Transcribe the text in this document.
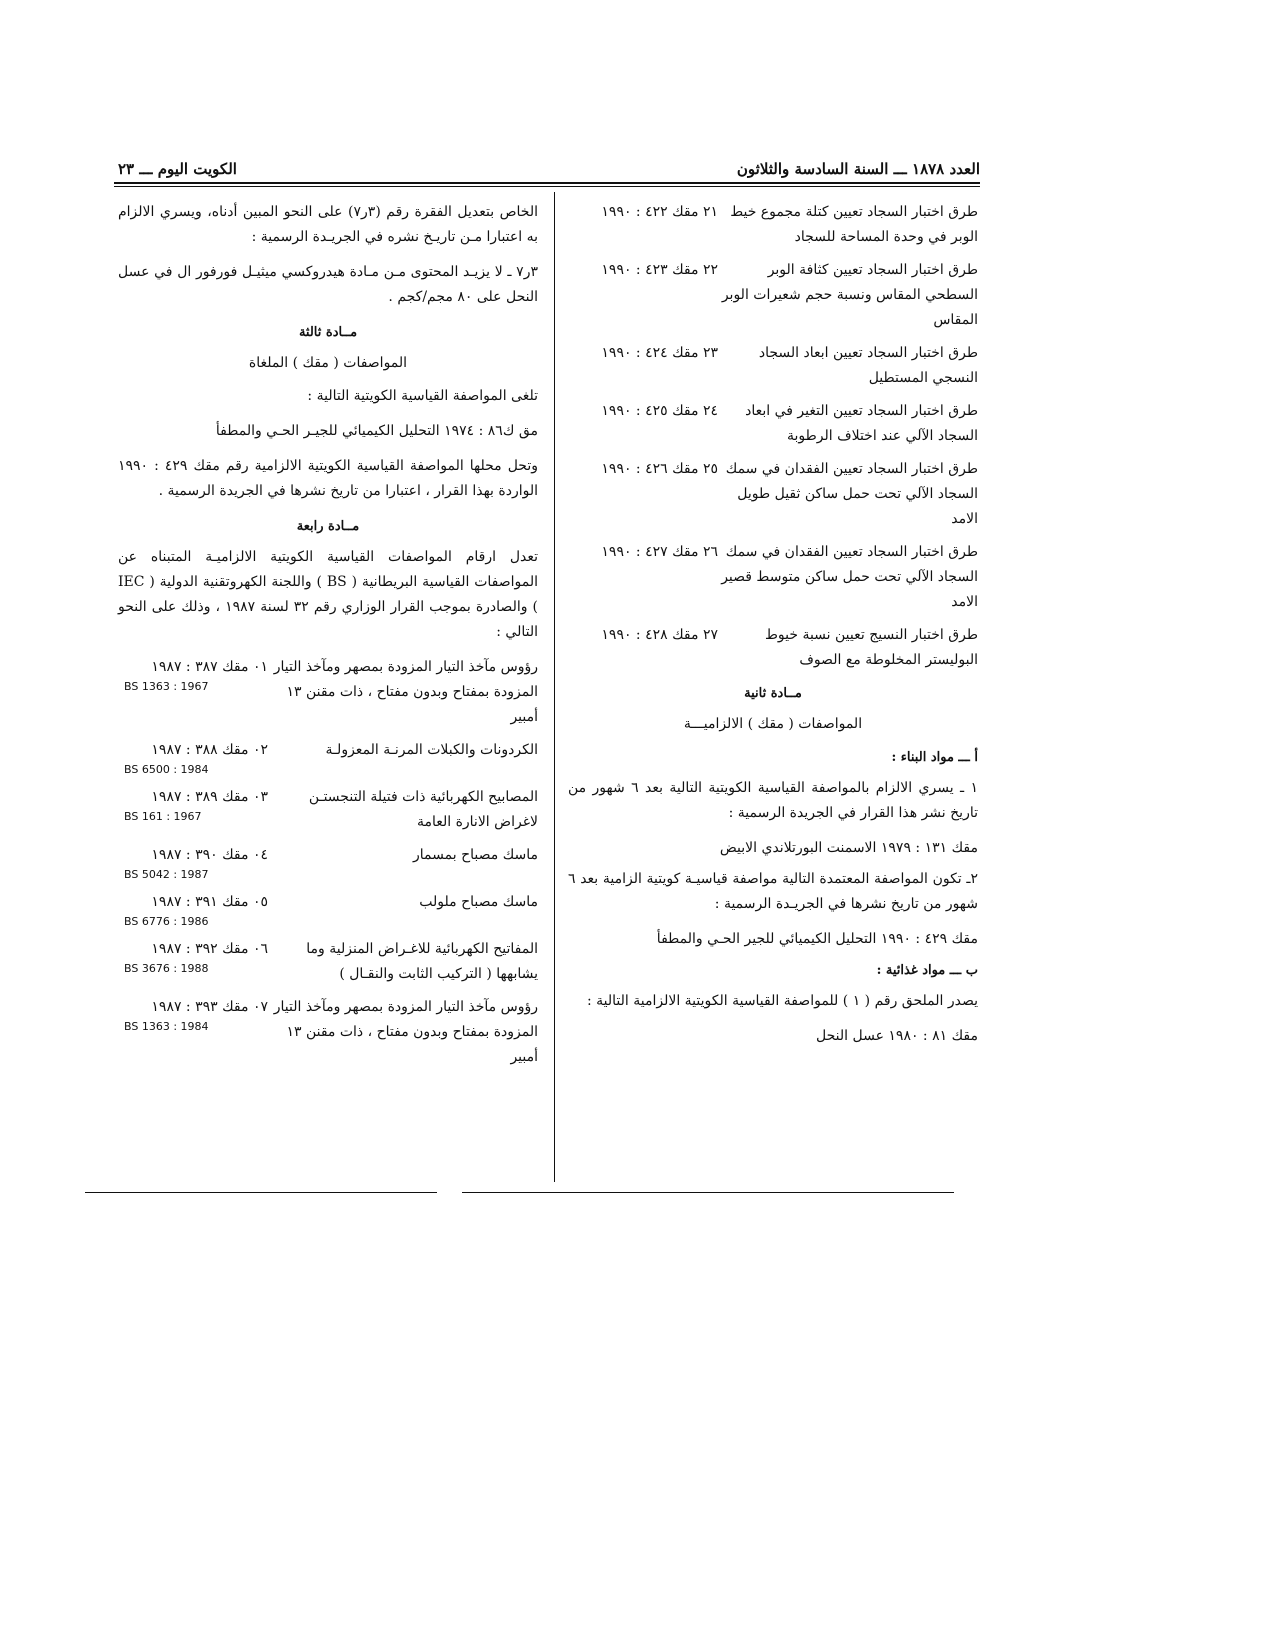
الكويت اليوم ـــ ٢٣	العدد ١٨٧٨ ـــ السنة السادسة والثلاثون
طرق اختبار السجاد تعيين كتلة مجموع خيط الوبر في وحدة المساحة للسجاد
٢١ م‍ق‍ك ٤٢٢ : ١٩٩٠
طرق اختبار السجاد تعيين كثافة الوبر السطحي المقاس ونسبة حجم شعيرات الوبر المقاس
٢٢ م‍ق‍ك ٤٢٣ : ١٩٩٠
طرق اختبار السجاد تعيين ابعاد السجاد النسجي المستطيل
٢٣ م‍ق‍ك ٤٢٤ : ١٩٩٠
طرق اختبار السجاد تعيين التغير في ابعاد السجاد الآلي عند اختلاف الرطوبة
٢٤ م‍ق‍ك ٤٢٥ : ١٩٩٠
طرق اختبار السجاد تعيين الفقدان في سمك السجاد الآلي تحت حمل ساكن ثقيل طويل الامد
٢٥ م‍ق‍ك ٤٢٦ : ١٩٩٠
طرق اختبار السجاد تعيين الفقدان في سمك السجاد الآلي تحت حمل ساكن متوسط قصير الامد
٢٦ م‍ق‍ك ٤٢٧ : ١٩٩٠
طرق اختبار النسيج تعيين نسبة خيوط البوليستر المخلوطة مع الصوف
٢٧ م‍ق‍ك ٤٢٨ : ١٩٩٠
مــادة ثانية
المواصفات ( م‍ق‍ك ) الالزاميـــة
أ ـــ مواد البناء :

١ ـ يسري الالزام بالمواصفة القياسية الكويتية التالية بعد ٦ شهور من تاريخ نشر هذا القرار في الجريدة الرسمية :

م‍ق‍ك ١٣١ : ١٩٧٩ الاسمنت البورتلاندي الابيض

٢ـ تكون المواصفة المعتمدة التالية مواصفة قياسيـة كويتية الزامية بعد ٦ شهور من تاريخ نشرها في الجريـدة الرسمية :

م‍ق‍ك ٤٢٩ : ١٩٩٠ التحليل الكيميائي للجير الحـي والمطفأ

ب ـــ مواد غذائية :

يصدر الملحق رقم ( ١ ) للمواصفة القياسية الكويتية الالزامية التالية :

م‍ق‍ك ٨١ : ١٩٨٠ عسل النحل

الخاص بتعديل الفقرة رقم (٣ر٧) على النحو المبين أدناه، ويسري الالزام به اعتبارا مـن تاريـخ نشره في الجريـدة الرسمية :

٣ر٧ ـ لا يزيـد المحتوى مـن مـادة هيدروكسي ميثيـل فورفور ال في عسل النحل على ٨٠ مجم/كجم .

مــادة ثالثة
المواصفات ( م‍ق‍ك ) الملغاة

تلغى المواصفة القياسية الكويتية التالية :

م‍ق ك٨٦ : ١٩٧٤ التحليل الكيميائي للجيـر الحـي والمطفأ

وتحل محلها المواصفة القياسية الكويتية الالزامية رقم م‍ق‍ك ٤٢٩ : ١٩٩٠ الواردة بهذا القرار ، اعتبارا من تاريخ نشرها في الجريدة الرسمية .

مــادة رابعة

تعدل ارقام المواصفات القياسية الكويتية الالزاميـة المتبناه عن المواصفات القياسية البريطانية ( BS ) واللجنة الكهروتقنية الدولية ( IEC ) والصادرة بموجب القرار الوزاري رقم ٣٢ لسنة ١٩٨٧ ، وذلك على النحو التالي :

رؤوس مآخذ التيار المزودة بمصهر ومآخذ التيار المزودة بمفتاح وبدون مفتاح ، ذات مقنن ١٣ أمبير
٠١ م‍ق‍ك ٣٨٧ : ١٩٨٧
BS 1363 : 1967
الكردونات والكبلات المرنـة المعزولـة
٠٢ م‍ق‍ك ٣٨٨ : ١٩٨٧
BS 6500 : 1984
المصابيح الكهربائية ذات فتيلة التنجستـن لاغراض الانارة العامة
٠٣ م‍ق‍ك ٣٨٩ : ١٩٨٧
BS 161 : 1967
ماسك مصباح بمسمار
٠٤ م‍ق‍ك ٣٩٠ : ١٩٨٧
BS 5042 : 1987
ماسك مصباح ملولب
٠٥ م‍ق‍ك ٣٩١ : ١٩٨٧
BS 6776 : 1986
المفاتيح الكهربائية للاغـراض المنزلية وما يشابهها ( التركيب الثابت والنقـال )
٠٦ م‍ق‍ك ٣٩٢ : ١٩٨٧
BS 3676 : 1988
رؤوس مآخذ التيار المزودة بمصهر ومآخذ التيار المزودة بمفتاح وبدون مفتاح ، ذات مقنن ١٣ أمبير
٠٧ م‍ق‍ك ٣٩٣ : ١٩٨٧
BS 1363 : 1984
